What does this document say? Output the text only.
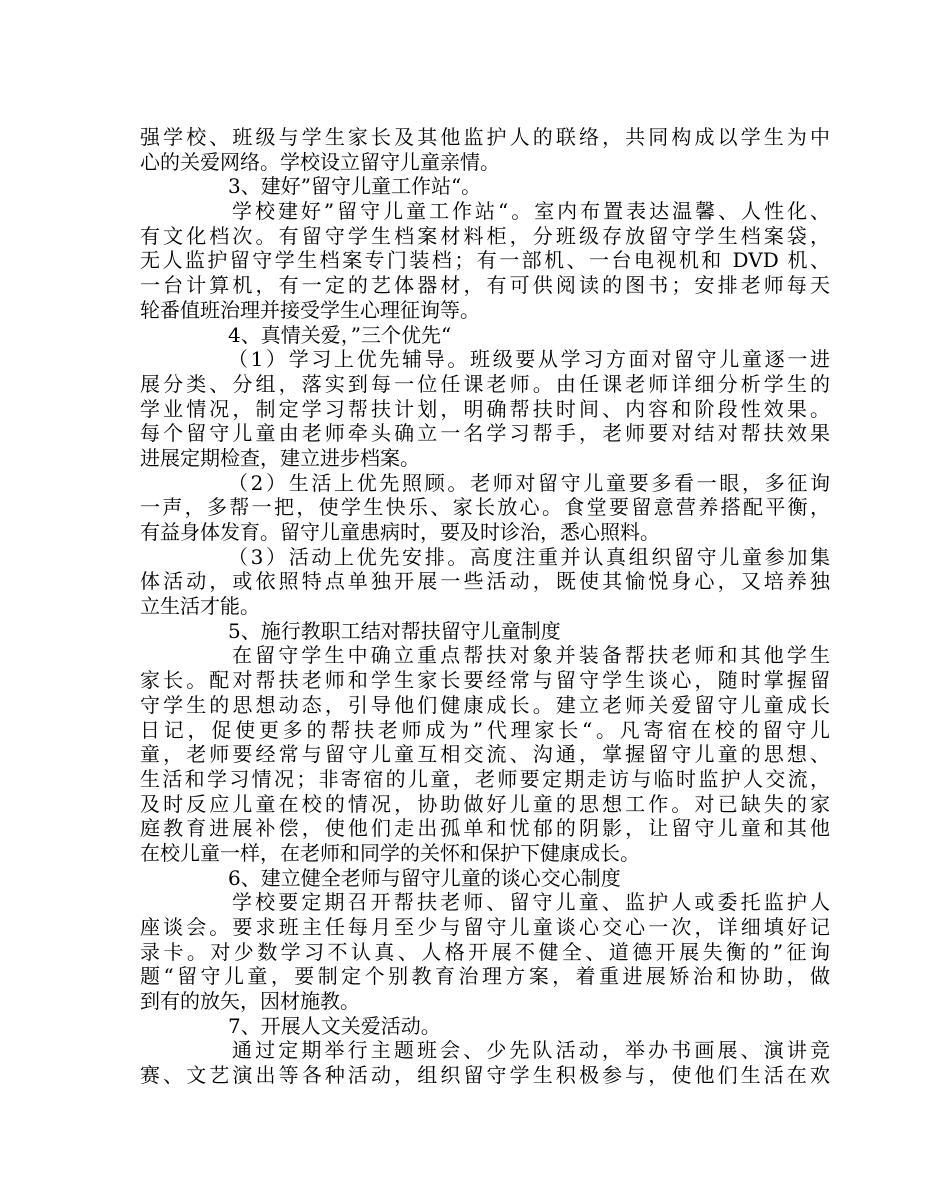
强学校、班级与学生家长及其他监护人的联络，共同构成以学生为中
心的关爱网络。学校设立留守儿童亲情。
3、建好”留守儿童工作站“。
学校建好”留守儿童工作站“。室内布置表达温馨、人性化、
有文化档次。有留守学生档案材料柜，分班级存放留守学生档案袋，
无人监护留守学生档案专门装档；有一部机、一台电视机和 DVD 机、
一台计算机，有一定的艺体器材，有可供阅读的图书；安排老师每天
轮番值班治理并接受学生心理征询等。
4、真情关爱，”三个优先“
（1）学习上优先辅导。班级要从学习方面对留守儿童逐一进
展分类、分组，落实到每一位任课老师。由任课老师详细分析学生的
学业情况，制定学习帮扶计划，明确帮扶时间、内容和阶段性效果。
每个留守儿童由老师牵头确立一名学习帮手，老师要对结对帮扶效果
进展定期检查，建立进步档案。
（2）生活上优先照顾。老师对留守儿童要多看一眼，多征询
一声，多帮一把，使学生快乐、家长放心。食堂要留意营养搭配平衡，
有益身体发育。留守儿童患病时，要及时诊治，悉心照料。
（3）活动上优先安排。高度注重并认真组织留守儿童参加集
体活动，或依照特点单独开展一些活动，既使其愉悦身心，又培养独
立生活才能。
5、施行教职工结对帮扶留守儿童制度
在留守学生中确立重点帮扶对象并装备帮扶老师和其他学生
家长。配对帮扶老师和学生家长要经常与留守学生谈心，随时掌握留
守学生的思想动态，引导他们健康成长。建立老师关爱留守儿童成长
日记，促使更多的帮扶老师成为”代理家长“。凡寄宿在校的留守儿
童，老师要经常与留守儿童互相交流、沟通，掌握留守儿童的思想、
生活和学习情况；非寄宿的儿童，老师要定期走访与临时监护人交流，
及时反应儿童在校的情况，协助做好儿童的思想工作。对已缺失的家
庭教育进展补偿，使他们走出孤单和忧郁的阴影，让留守儿童和其他
在校儿童一样，在老师和同学的关怀和保护下健康成长。
6、建立健全老师与留守儿童的谈心交心制度
学校要定期召开帮扶老师、留守儿童、监护人或委托监护人
座谈会。要求班主任每月至少与留守儿童谈心交心一次，详细填好记
录卡。对少数学习不认真、人格开展不健全、道德开展失衡的”征询
题“留守儿童，要制定个别教育治理方案，着重进展矫治和协助，做
到有的放矢，因材施教。
7、开展人文关爱活动。
通过定期举行主题班会、少先队活动，举办书画展、演讲竞
赛、文艺演出等各种活动，组织留守学生积极参与，使他们生活在欢
